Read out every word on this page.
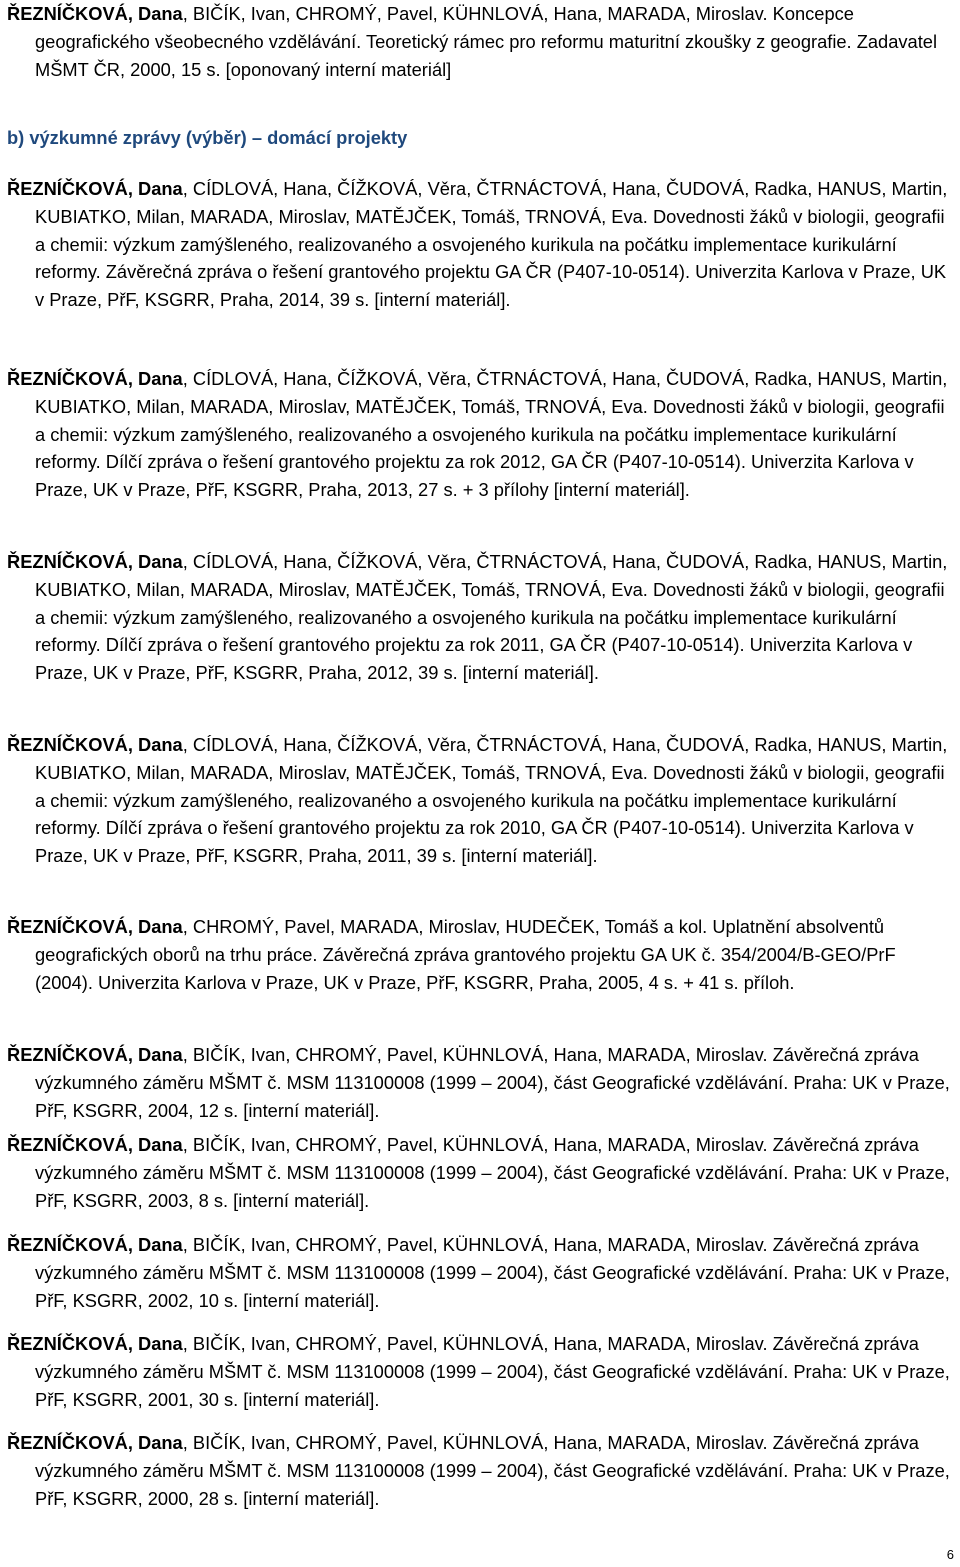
ŘEZNÍČKOVÁ, Dana, BIČÍK, Ivan, CHROMÝ, Pavel, KÜHNLOVÁ, Hana, MARADA, Miroslav. Koncepce geografického všeobecného vzdělávání. Teoretický rámec pro reformu maturitní zkoušky z geografie. Zadavatel MŠMT ČR, 2000, 15 s. [oponovaný interní materiál]
b) výzkumné zprávy (výběr) – domácí projekty
ŘEZNÍČKOVÁ, Dana, CÍDLOVÁ, Hana, ČÍŽKOVÁ, Věra, ČTRNÁCTOVÁ, Hana, ČUDOVÁ, Radka, HANUS, Martin, KUBIATKO, Milan, MARADA, Miroslav, MATĚJČEK, Tomáš, TRNOVÁ, Eva. Dovednosti žáků v biologii, geografii a chemii: výzkum zamýšleného, realizovaného a osvojeného kurikula na počátku implementace kurikulární reformy. Závěrečná zpráva o řešení grantového projektu GA ČR (P407-10-0514). Univerzita Karlova v Praze, UK v Praze, PřF, KSGRR, Praha, 2014, 39 s. [interní materiál].
ŘEZNÍČKOVÁ, Dana, CÍDLOVÁ, Hana, ČÍŽKOVÁ, Věra, ČTRNÁCTOVÁ, Hana, ČUDOVÁ, Radka, HANUS, Martin, KUBIATKO, Milan, MARADA, Miroslav, MATĚJČEK, Tomáš, TRNOVÁ, Eva. Dovednosti žáků v biologii, geografii a chemii: výzkum zamýšleného, realizovaného a osvojeného kurikula na počátku implementace kurikulární reformy. Dílčí zpráva o řešení grantového projektu za rok 2012, GA ČR (P407-10-0514). Univerzita Karlova v Praze, UK v Praze, PřF, KSGRR, Praha, 2013, 27 s. + 3 přílohy [interní materiál].
ŘEZNÍČKOVÁ, Dana, CÍDLOVÁ, Hana, ČÍŽKOVÁ, Věra, ČTRNÁCTOVÁ, Hana, ČUDOVÁ, Radka, HANUS, Martin, KUBIATKO, Milan, MARADA, Miroslav, MATĚJČEK, Tomáš, TRNOVÁ, Eva. Dovednosti žáků v biologii, geografii a chemii: výzkum zamýšleného, realizovaného a osvojeného kurikula na počátku implementace kurikulární reformy. Dílčí zpráva o řešení grantového projektu za rok 2011, GA ČR (P407-10-0514). Univerzita Karlova v Praze, UK v Praze, PřF, KSGRR, Praha, 2012, 39 s. [interní materiál].
ŘEZNÍČKOVÁ, Dana, CÍDLOVÁ, Hana, ČÍŽKOVÁ, Věra, ČTRNÁCTOVÁ, Hana, ČUDOVÁ, Radka, HANUS, Martin, KUBIATKO, Milan, MARADA, Miroslav, MATĚJČEK, Tomáš, TRNOVÁ, Eva. Dovednosti žáků v biologii, geografii a chemii: výzkum zamýšleného, realizovaného a osvojeného kurikula na počátku implementace kurikulární reformy. Dílčí zpráva o řešení grantového projektu za rok 2010, GA ČR (P407-10-0514). Univerzita Karlova v Praze, UK v Praze, PřF, KSGRR, Praha, 2011, 39 s. [interní materiál].
ŘEZNÍČKOVÁ, Dana, CHROMÝ, Pavel, MARADA, Miroslav, HUDEČEK, Tomáš a kol. Uplatnění absolventů geografických oborů na trhu práce. Závěrečná zpráva grantového projektu GA UK č. 354/2004/B-GEO/PrF (2004). Univerzita Karlova v Praze, UK v Praze, PřF, KSGRR, Praha, 2005, 4 s. + 41 s. příloh.
ŘEZNÍČKOVÁ, Dana, BIČÍK, Ivan, CHROMÝ, Pavel, KÜHNLOVÁ, Hana, MARADA, Miroslav. Závěrečná zpráva výzkumného záměru MŠMT č. MSM 113100008 (1999 – 2004), část Geografické vzdělávání. Praha: UK v Praze, PřF, KSGRR, 2004, 12 s. [interní materiál].
ŘEZNÍČKOVÁ, Dana, BIČÍK, Ivan, CHROMÝ, Pavel, KÜHNLOVÁ, Hana, MARADA, Miroslav. Závěrečná zpráva výzkumného záměru MŠMT č. MSM 113100008 (1999 – 2004), část Geografické vzdělávání. Praha: UK v Praze, PřF, KSGRR, 2003, 8 s. [interní materiál].
ŘEZNÍČKOVÁ, Dana, BIČÍK, Ivan, CHROMÝ, Pavel, KÜHNLOVÁ, Hana, MARADA, Miroslav. Závěrečná zpráva výzkumného záměru MŠMT č. MSM 113100008 (1999 – 2004), část Geografické vzdělávání. Praha: UK v Praze, PřF, KSGRR, 2002, 10 s. [interní materiál].
ŘEZNÍČKOVÁ, Dana, BIČÍK, Ivan, CHROMÝ, Pavel, KÜHNLOVÁ, Hana, MARADA, Miroslav. Závěrečná zpráva výzkumného záměru MŠMT č. MSM 113100008 (1999 – 2004), část Geografické vzdělávání. Praha: UK v Praze, PřF, KSGRR, 2001, 30 s. [interní materiál].
ŘEZNÍČKOVÁ, Dana, BIČÍK, Ivan, CHROMÝ, Pavel, KÜHNLOVÁ, Hana, MARADA, Miroslav. Závěrečná zpráva výzkumného záměru MŠMT č. MSM 113100008 (1999 – 2004), část Geografické vzdělávání. Praha: UK v Praze, PřF, KSGRR, 2000, 28 s. [interní materiál].
6
